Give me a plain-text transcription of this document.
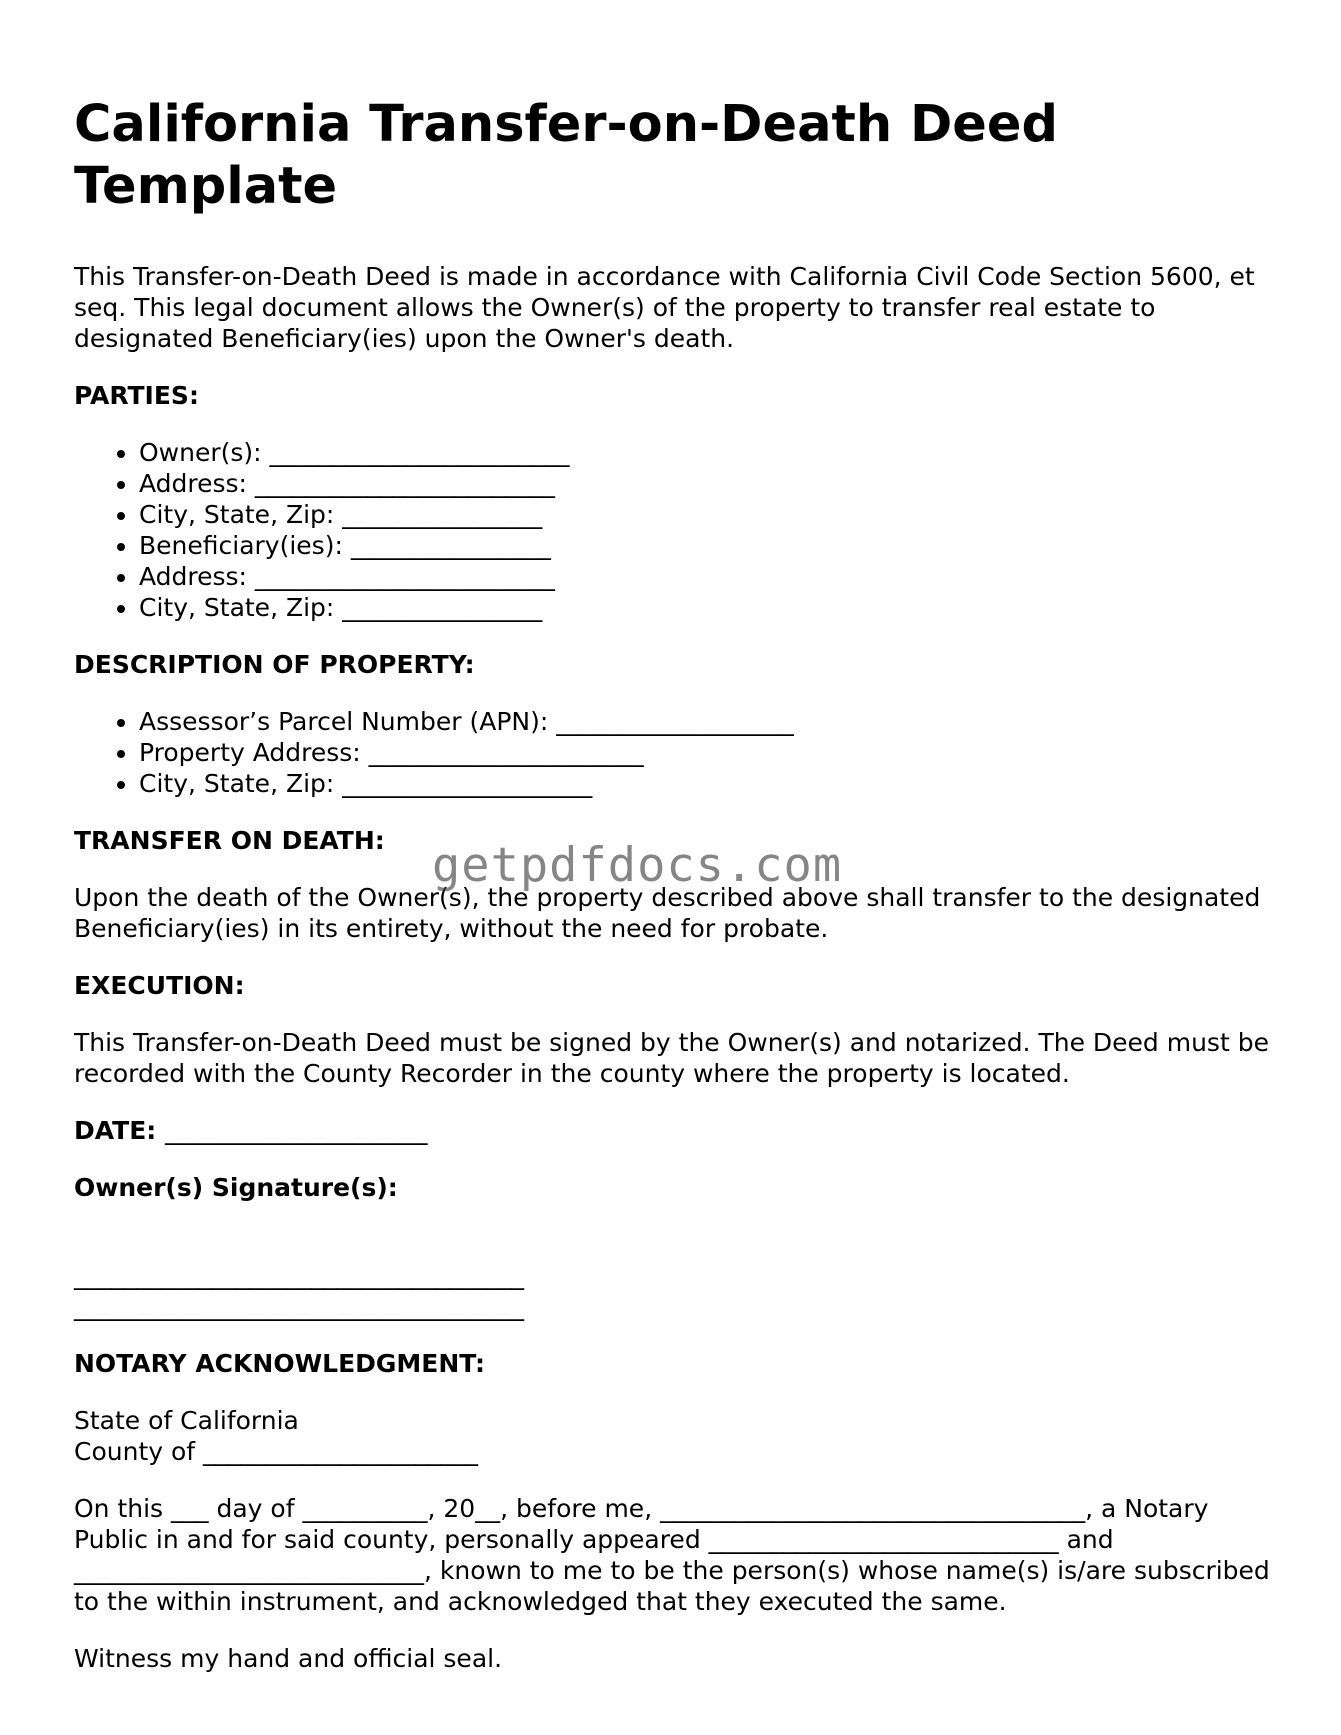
California Transfer-on-Death Deed Template

This Transfer-on-Death Deed is made in accordance with California Civil Code Section 5600, et seq. This legal document allows the Owner(s) of the property to transfer real estate to designated Beneficiary(ies) upon the Owner's death.

PARTIES:

• Owner(s): ________________________
• Address: ________________________
• City, State, Zip: ________________
• Beneficiary(ies): ________________
• Address: ________________________
• City, State, Zip: ________________

DESCRIPTION OF PROPERTY:

• Assessor’s Parcel Number (APN): ___________________
• Property Address: ______________________
• City, State, Zip: ____________________

TRANSFER ON DEATH:

Upon the death of the Owner(s), the property described above shall transfer to the designated Beneficiary(ies) in its entirety, without the need for probate.

EXECUTION:

This Transfer-on-Death Deed must be signed by the Owner(s) and notarized. The Deed must be recorded with the County Recorder in the county where the property is located.

DATE: _____________________

Owner(s) Signature(s):

____________________________________

____________________________________

NOTARY ACKNOWLEDGMENT:

State of California

County of ______________________

On this ___ day of __________, 20__, before me, __________________________________, a Notary Public in and for said county, personally appeared ____________________________ and ____________________________, known to me to be the person(s) whose name(s) is/are subscribed to the within instrument, and acknowledged that they executed the same.

Witness my hand and official seal.

getpdfdocs.com
